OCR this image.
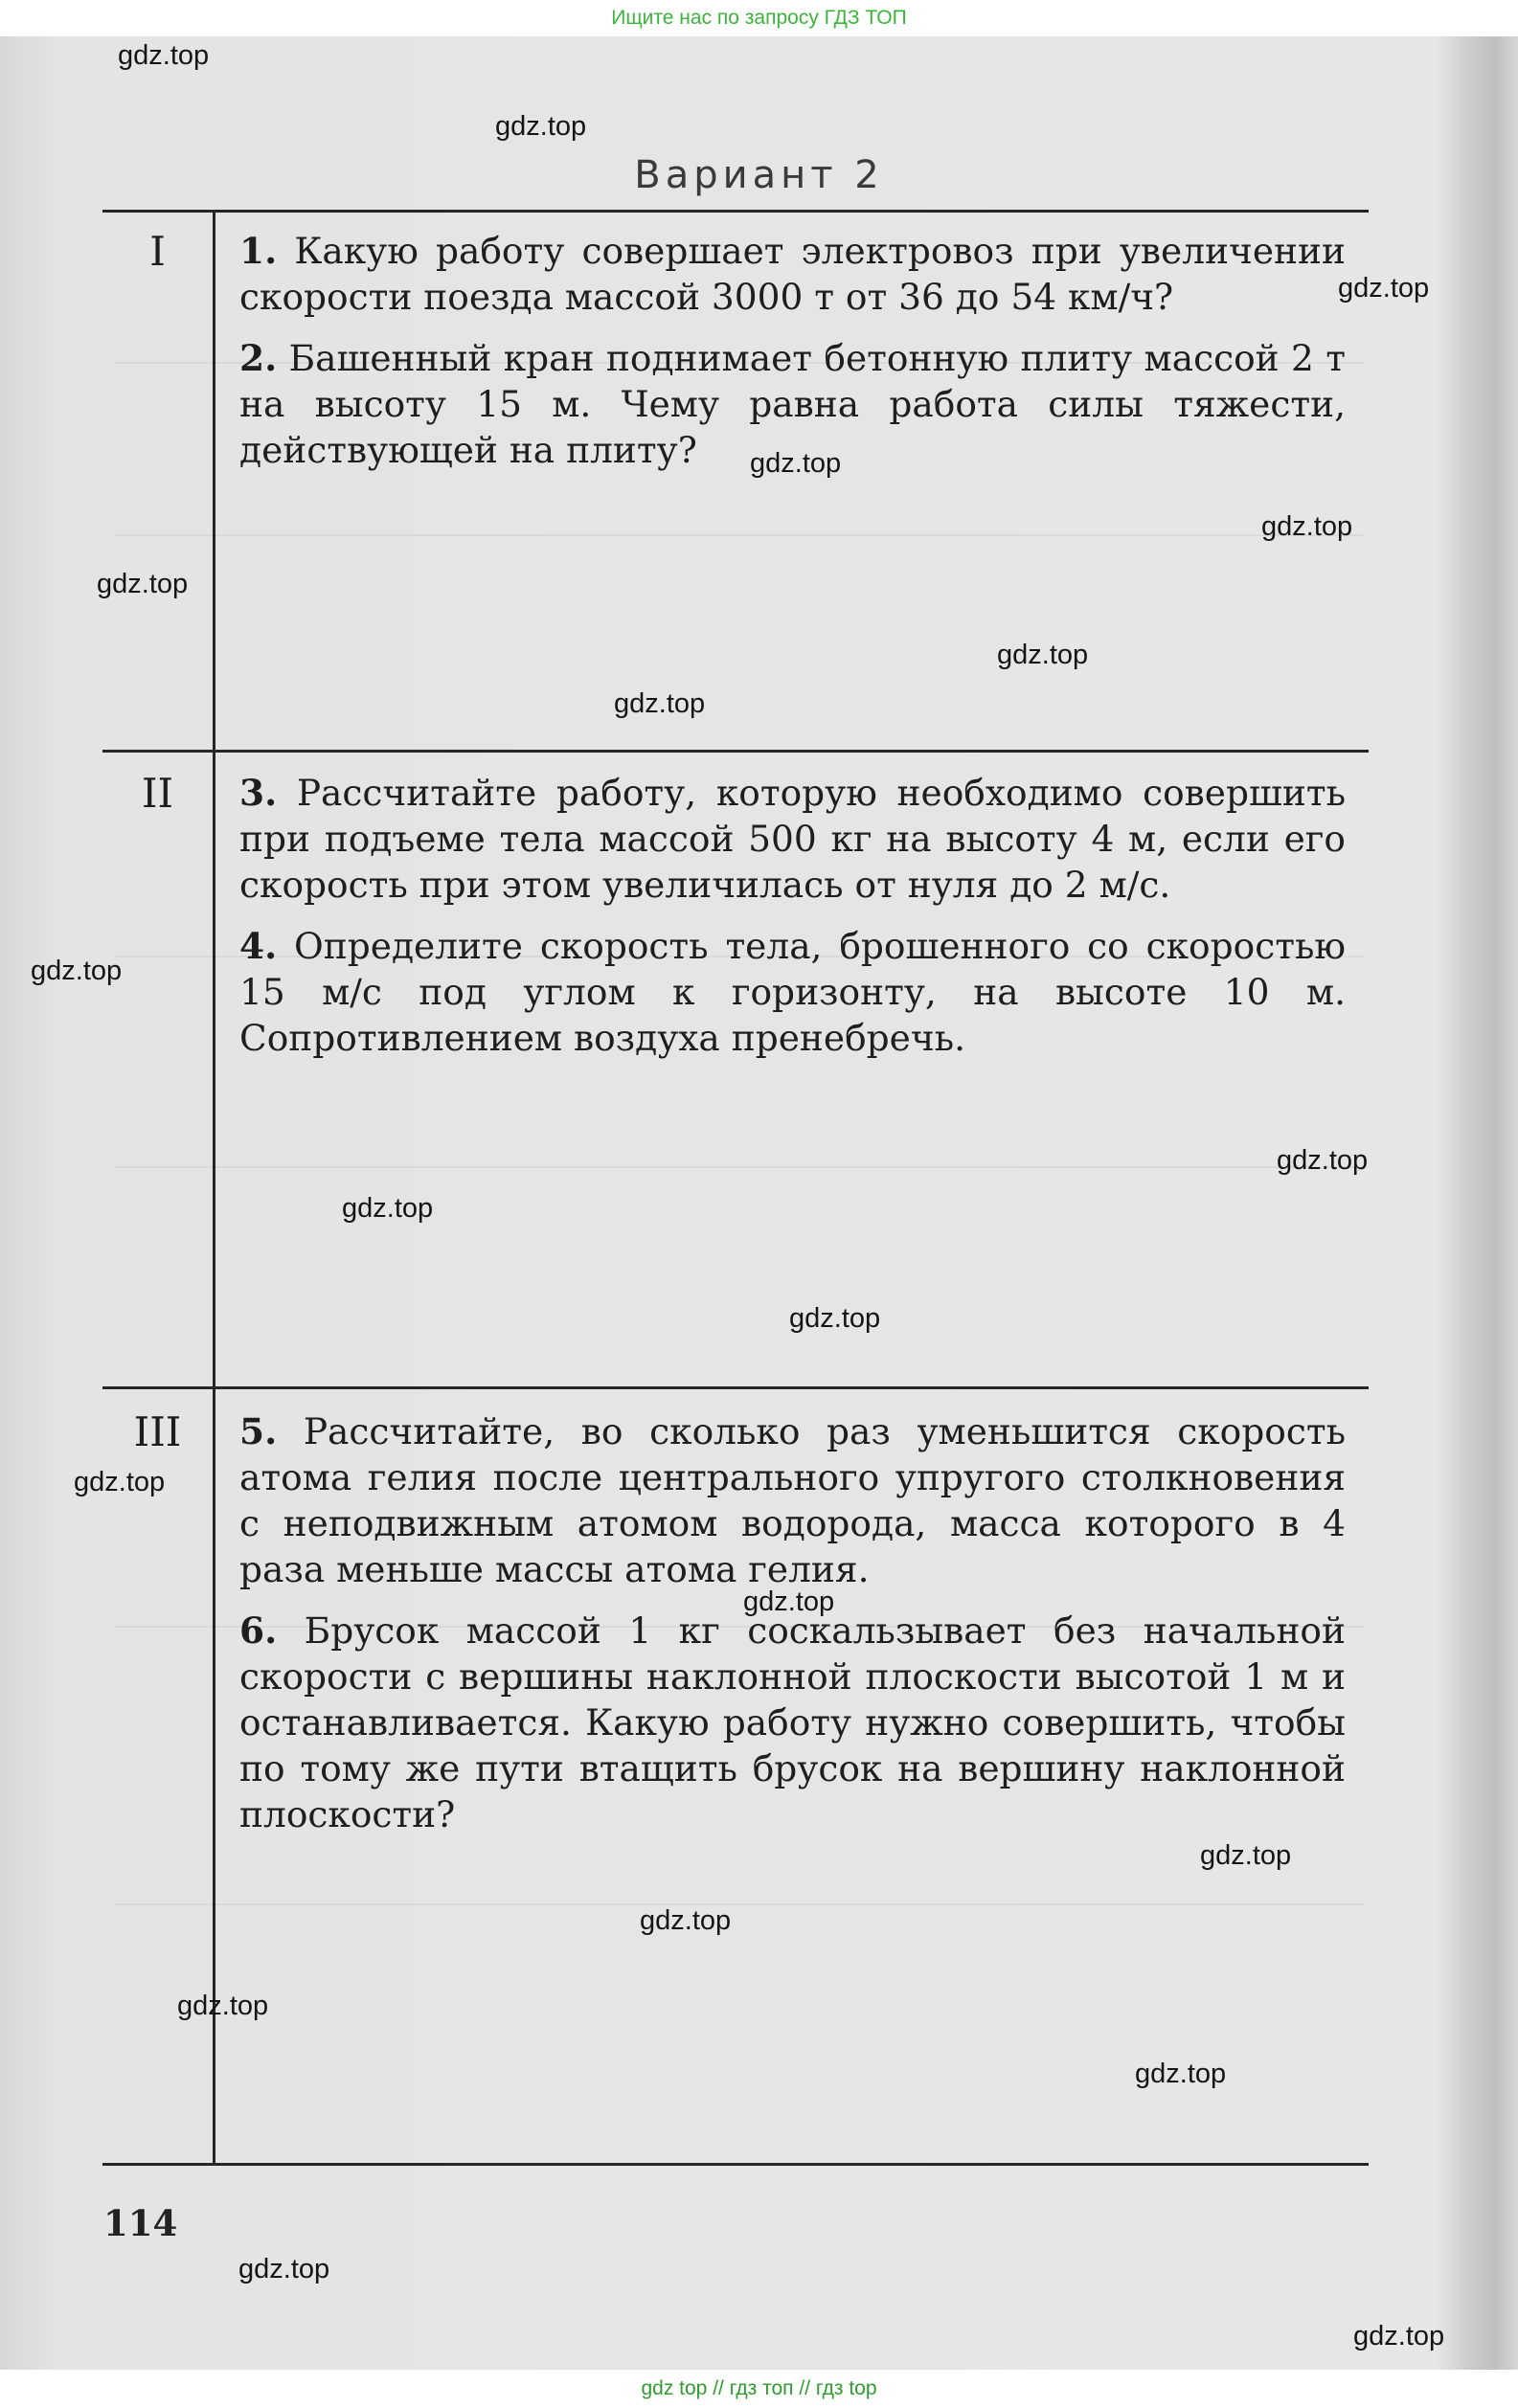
Ищите нас по запросу ГДЗ ТОП
Вариант 2
I
II
III

1. Какую работу совершает электровоз при увеличении скорости поезда массой 3000 т от 36 до 54 км/ч?

2. Башенный кран поднимает бетонную плиту массой 2 т на высоту 15 м. Чему равна работа силы тяжести, действующей на плиту?

3. Рассчитайте работу, которую необходимо совершить при подъеме тела массой 500 кг на высоту 4 м, если его скорость при этом увеличилась от нуля до 2 м/с.

4. Определите скорость тела, брошенного со скоростью 15 м/с под углом к горизонту, на высоте 10 м. Сопротивлением воздуха пренебречь.

5. Рассчитайте, во сколько раз уменьшится скорость атома гелия после центрального упругого столкновения с неподвижным атомом водорода, масса которого в 4 раза меньше массы атома гелия.

6. Брусок массой 1 кг соскальзывает без начальной скорости с вершины наклонной плоскости высотой 1 м и останавливается. Какую работу нужно совершить, чтобы по тому же пути втащить брусок на вершину наклонной плоскости?

114
gdz.top
gdz.top
gdz.top
gdz.top
gdz.top
gdz.top
gdz.top
gdz.top
gdz.top
gdz.top
gdz.top
gdz.top
gdz.top
gdz.top
gdz.top
gdz.top
gdz.top
gdz.top
gdz.top
gdz.top
gdz top // гдз топ // гдз top
